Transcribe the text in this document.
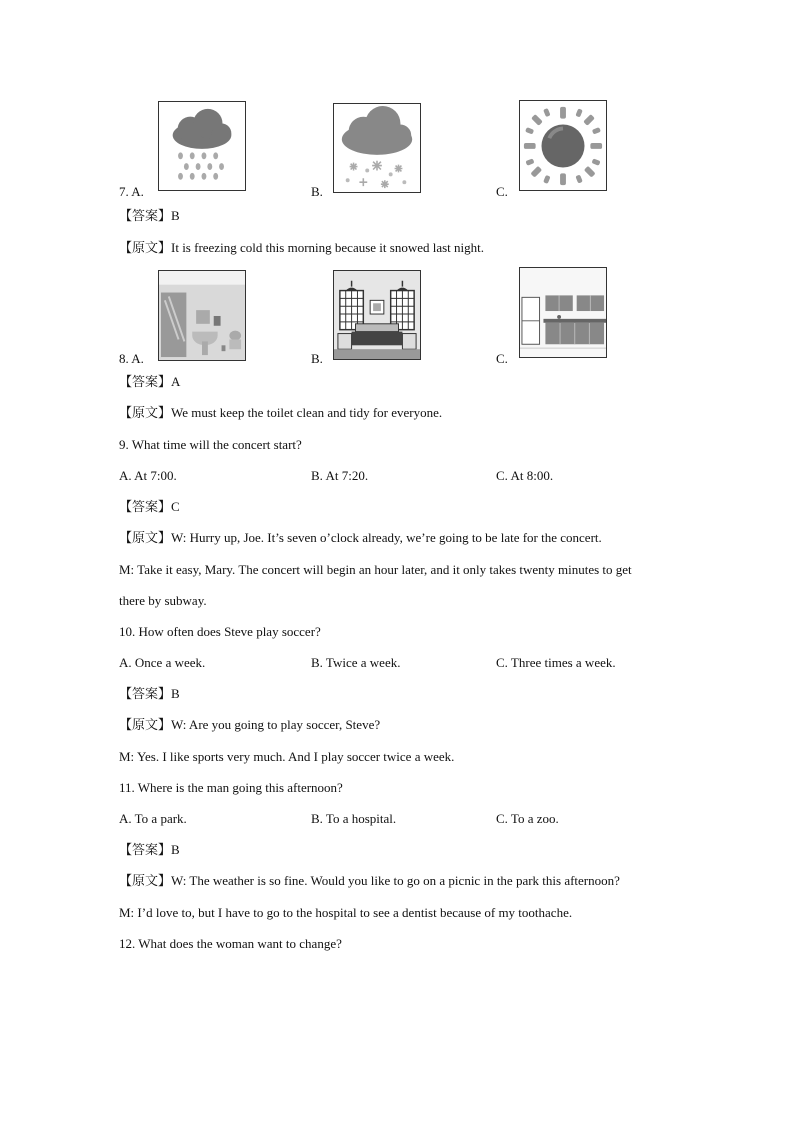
7. A.	B.	C.
【答案】B
【原文】It is freezing cold this morning because it snowed last night.
8. A.	B.	C.
【答案】A
【原文】We must keep the toilet clean and tidy for everyone.
9. What time will the concert start?
A. At 7:00.	B. At 7:20.	C. At 8:00.
【答案】C
【原文】W: Hurry up, Joe. It’s seven o’clock already, we’re going to be late for the concert.
M: Take it easy, Mary. The concert will begin an hour later, and it only takes twenty minutes to get
there by subway.
10. How often does Steve play soccer?
A. Once a week.	B. Twice a week.	C. Three times a week.
【答案】B
【原文】W: Are you going to play soccer, Steve?
M: Yes. I like sports very much. And I play soccer twice a week.
11. Where is the man going this afternoon?
A. To a park.	B. To a hospital.	C. To a zoo.
【答案】B
【原文】W: The weather is so fine. Would you like to go on a picnic in the park this afternoon?
M: I’d love to, but I have to go to the hospital to see a dentist because of my toothache.
12. What does the woman want to change?
